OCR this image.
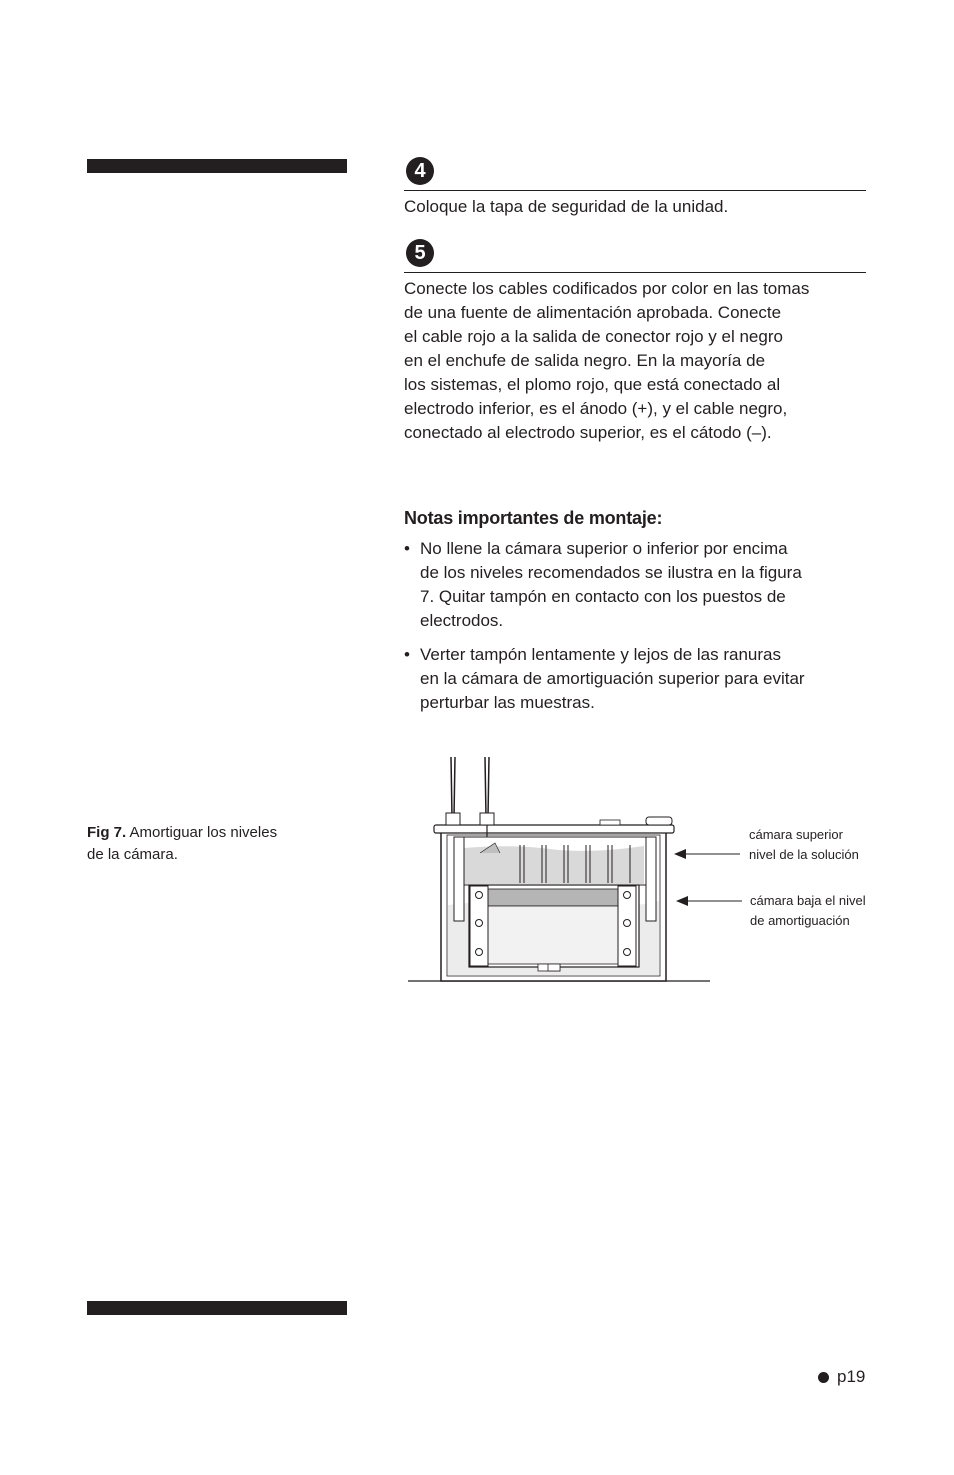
4

Coloque la tapa de seguridad de la unidad.

5

Conecte los cables codificados por color en las tomas
de una fuente de alimentación aprobada. Conecte
el cable rojo a la salida de conector rojo y el negro
en el enchufe de salida negro. En la mayoría de
los sistemas, el plomo rojo, que está conectado al
electrodo inferior, es el ánodo (+), y el cable negro,
conectado al electrodo superior, es el cátodo (–).

Notas importantes de montaje:
• No llene la cámara superior o inferior por encima
de los niveles recomendados se ilustra en la figura
7. Quitar tampón en contacto con los puestos de
electrodos.
• Verter tampón lentamente y lejos de las ranuras
en la cámara de amortiguación superior para evitar
perturbar las muestras.
Fig 7. Amortiguar los niveles
de la cámara.
cámara superior
nivel de la solución
cámara baja el nivel
de amortiguación
p19
